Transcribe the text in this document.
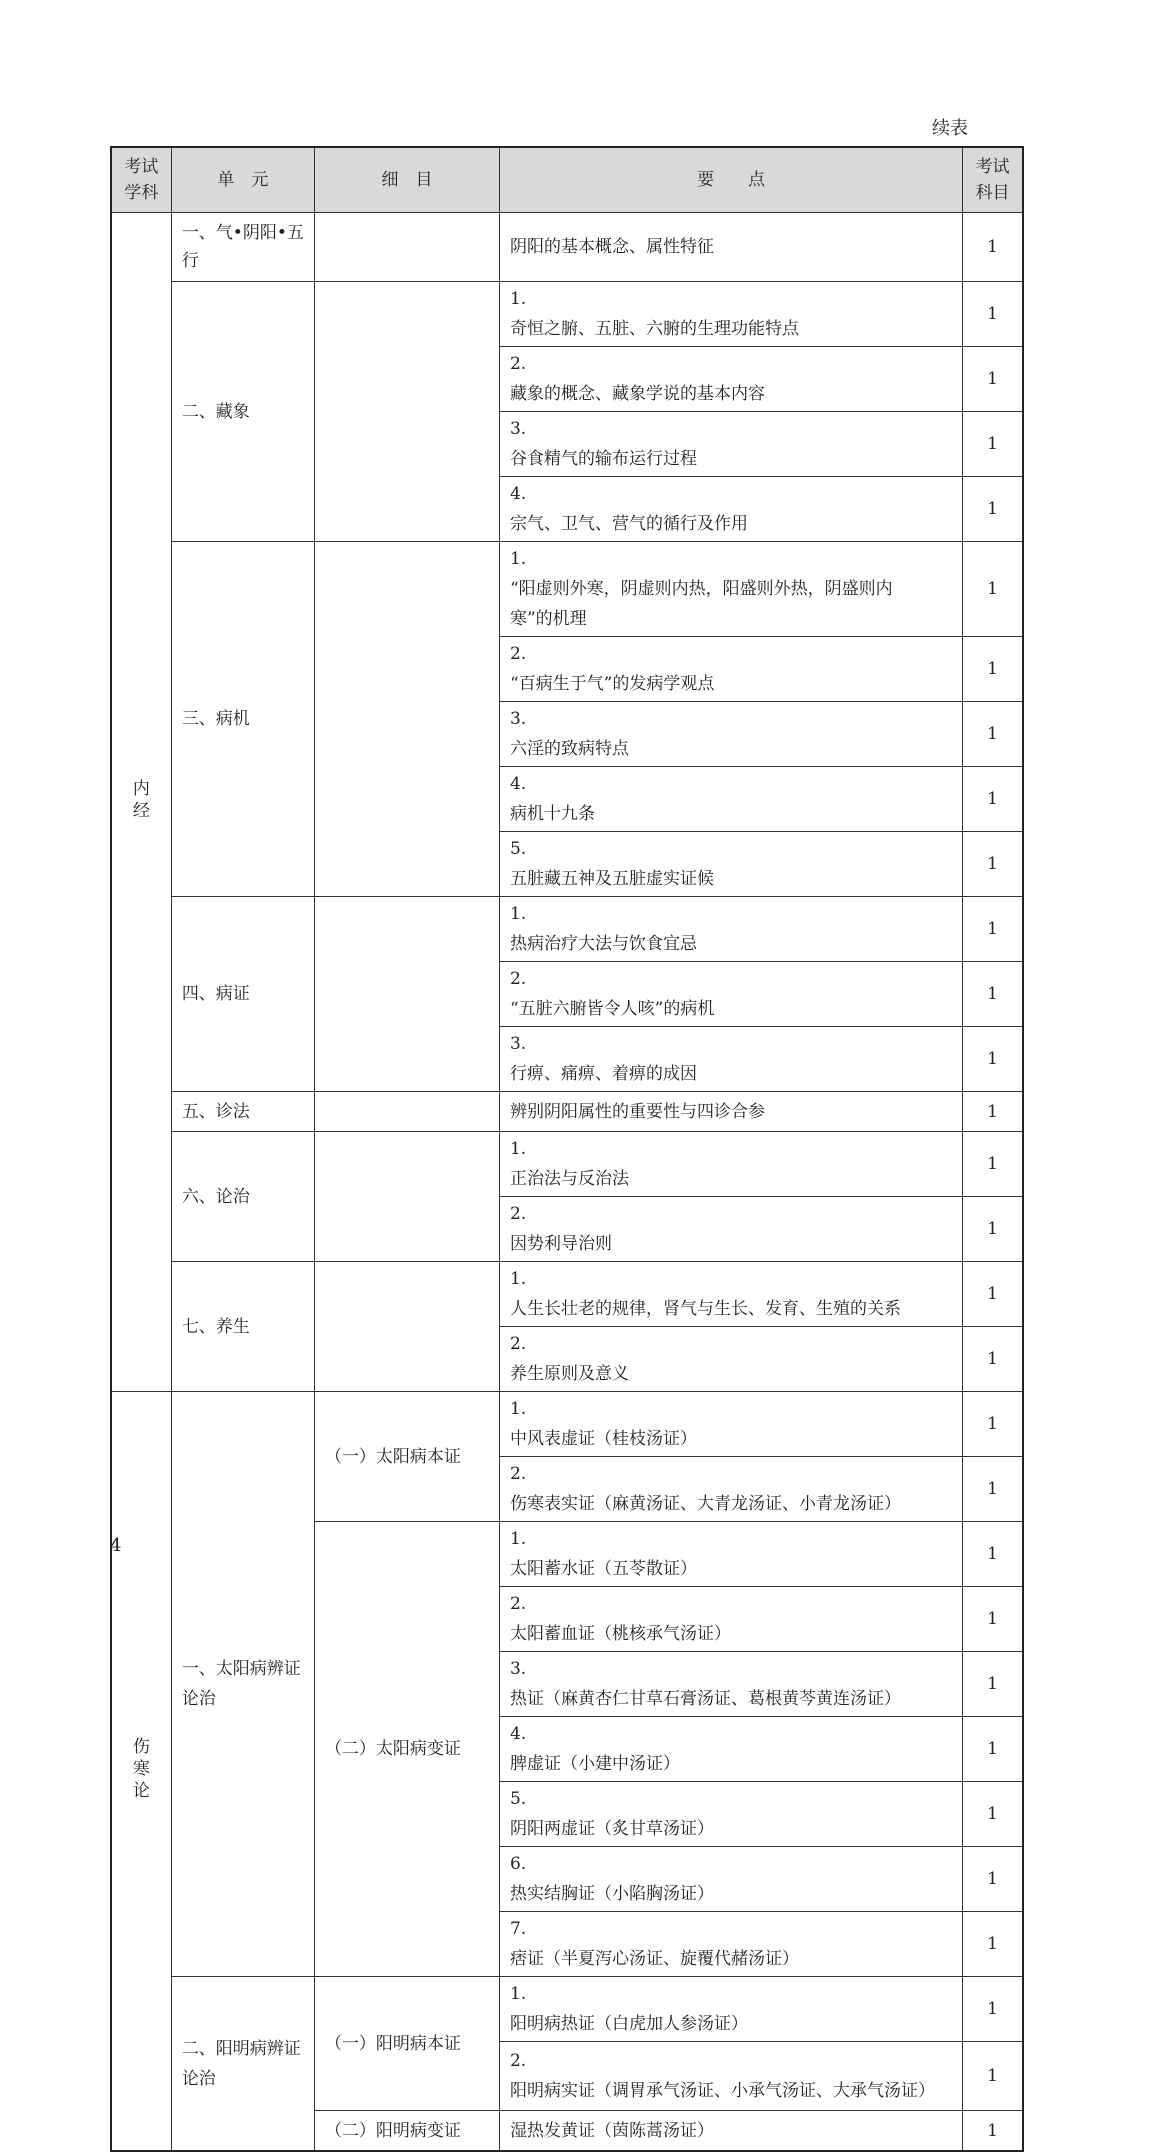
续表
考试学科	单　元	细　目	要　　点	考试科目
内经	一、气•阴阳•五行		阴阳的基本概念、属性特征	1
	二、藏象		1.奇恒之腑、五脏、六腑的生理功能特点	1
			2.藏象的概念、藏象学说的基本内容	1
			3.谷食精气的输布运行过程	1
			4.宗气、卫气、营气的循行及作用	1
	三、病机		1.“阳虚则外寒，阴虚则内热，阳盛则外热，阴盛则内寒”的机理	1
			2.“百病生于气”的发病学观点	1
			3.六淫的致病特点	1
			4.病机十九条	1
			5.五脏藏五神及五脏虚实证候	1
	四、病证		1.热病治疗大法与饮食宜忌	1
			2.“五脏六腑皆令人咳”的病机	1
			3.行痹、痛痹、着痹的成因	1
	五、诊法		辨别阴阳属性的重要性与四诊合参	1
	六、论治		1.正治法与反治法	1
			2.因势利导治则	1
	七、养生		1.人生长壮老的规律，肾气与生长、发育、生殖的关系	1
			2.养生原则及意义	1
伤寒论	一、太阳病辨证论治	（一）太阳病本证	1.中风表虚证（桂枝汤证）	1
			2.伤寒表实证（麻黄汤证、大青龙汤证、小青龙汤证）	1
		（二）太阳病变证	1.太阳蓄水证（五苓散证）	1
			2.太阳蓄血证（桃核承气汤证）	1
			3.热证（麻黄杏仁甘草石膏汤证、葛根黄芩黄连汤证）	1
			4.脾虚证（小建中汤证）	1
			5.阴阳两虚证（炙甘草汤证）	1
			6.热实结胸证（小陷胸汤证）	1
			7.痞证（半夏泻心汤证、旋覆代赭汤证）	1
	二、阳明病辨证论治	（一）阳明病本证	1.阳明病热证（白虎加人参汤证）	1
			2.阳明病实证（调胃承气汤证、小承气汤证、大承气汤证）	1
		（二）阳明病变证	湿热发黄证（茵陈蒿汤证）	1
4
